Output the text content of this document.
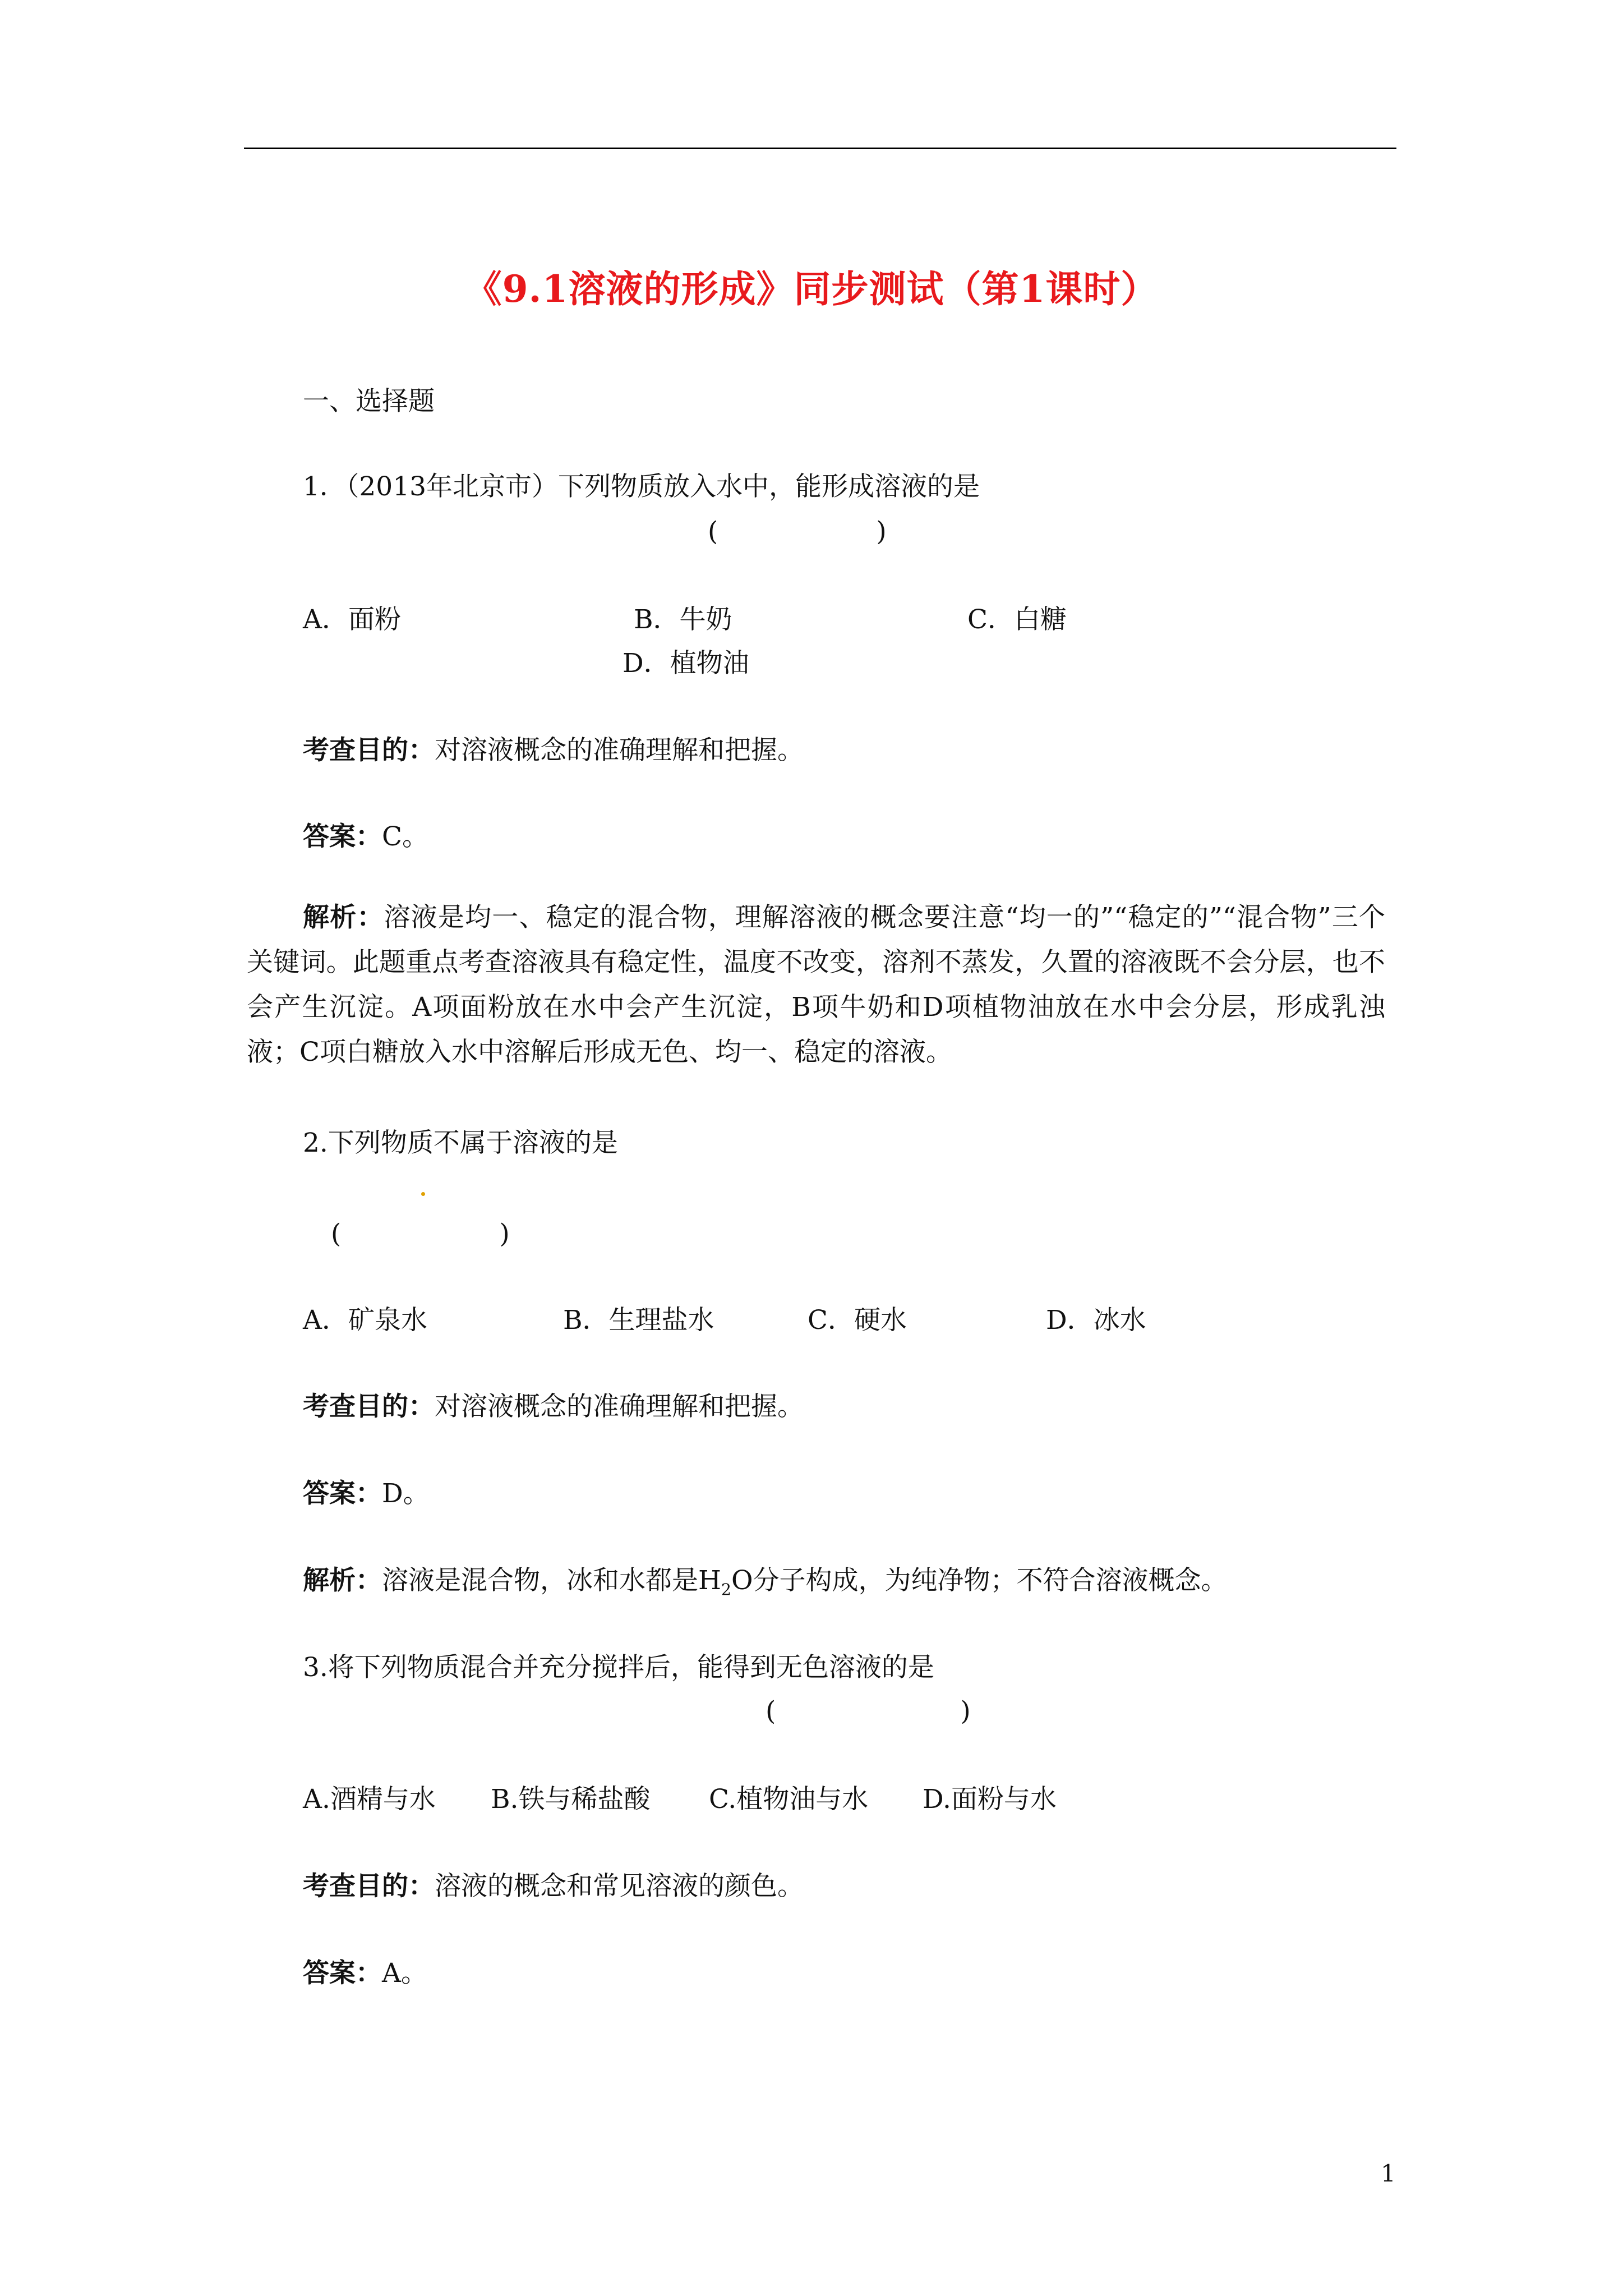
《9.1溶液的形成》同步测试（第1课时）
一、选择题
1．（2013年北京市）下列物质放入水中，能形成溶液的是
(　　　　　　)
A．面粉	B．牛奶	C．白糖
D．植物油
考查目的：对溶液概念的准确理解和把握。
答案：C。
解析：溶液是均一、稳定的混合物，理解溶液的概念要注意“均一的”“稳定的”“混合物”三个关键词。此题重点考查溶液具有稳定性，温度不改变，溶剂不蒸发，久置的溶液既不会分层，也不会产生沉淀。A项面粉放在水中会产生沉淀，B项牛奶和D项植物油放在水中会分层，形成乳浊液；C项白糖放入水中溶解后形成无色、均一、稳定的溶液。
2.下列物质不属于溶液的是
(　　　　　　)
A．矿泉水	B．生理盐水	C．硬水	D．冰水
考查目的：对溶液概念的准确理解和把握。
答案：D。
解析：溶液是混合物，冰和水都是$H_2O$分子构成，为纯净物；不符合溶液概念。
3.将下列物质混合并充分搅拌后，能得到无色溶液的是
(　　　　　　　)
A.酒精与水 B.铁与稀盐酸 C.植物油与水 D.面粉与水
考查目的：溶液的概念和常见溶液的颜色。
答案：A。
1
